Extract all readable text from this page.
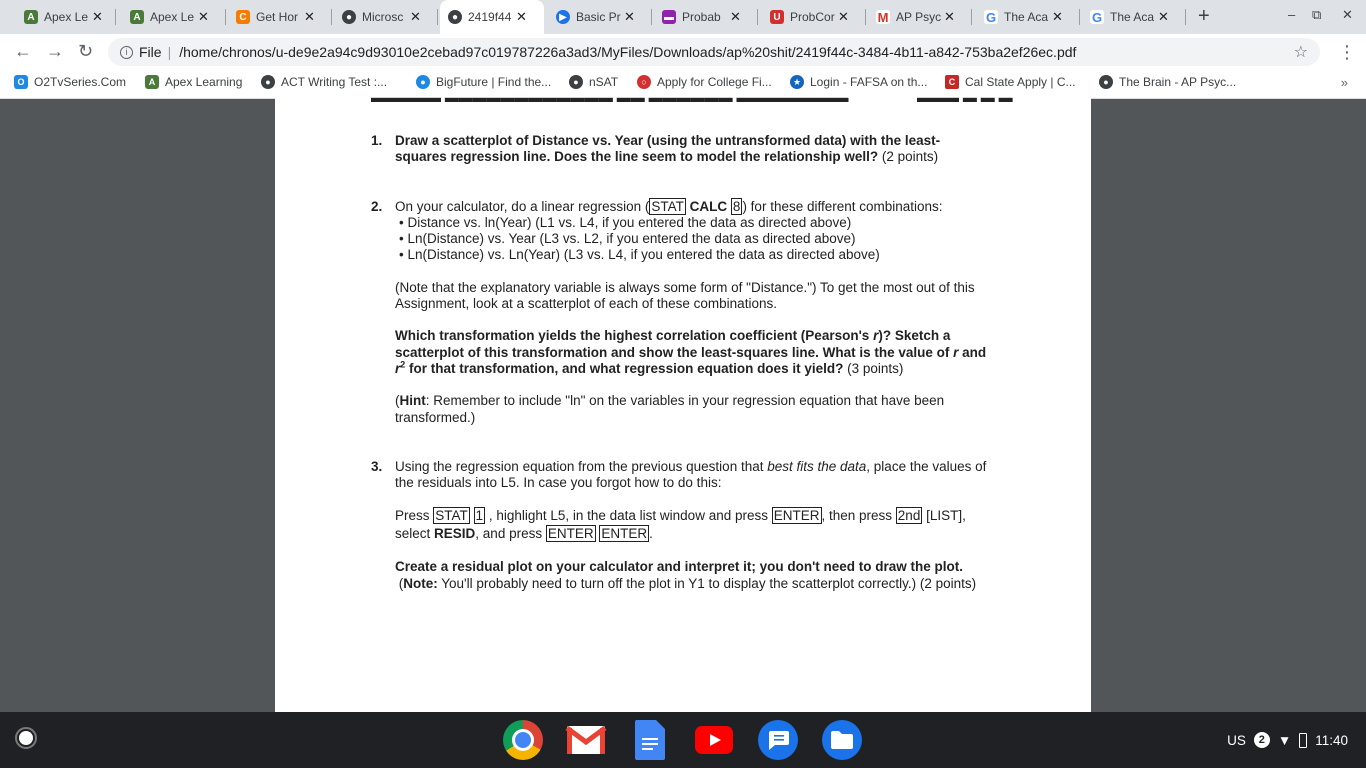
A Apex Le ✕	A Apex Le ✕	C Get Hor ✕	● Microsc ✕	● 2419f44 ✕	▶ Basic Pr ✕	▬ Probab ✕	U ProbCor ✕ M AP Psyc ✕ G The Aca ✕ G The Aca ✕ +	– ⧉ ✕
← → ↻	i File | /home/chronos/u-de9e2a94c9d93010e2cebad97c019787226a3ad3/MyFiles/Downloads/ap%20shit/2419f44c-3484-4b11-a842-753ba2ef26ec.pdf	☆ ⋮
O O2TvSeries.Com	A Apex Learning	● ACT Writing Test :...	● BigFuture | Find the...	● nSAT	○ Apply for College Fi...	★ Login - FAFSA on th...	C Cal State Apply | C...	● The Brain - AP Psyc...	»
▬▬▬▬▬ ▬▬▬▬▬▬▬▬▬▬▬▬ ▬▬ ▬▬▬▬▬▬ ▬▬▬▬▬▬▬▬	▬▬▬ ▬ ▬ ▬
1. Draw a scatterplot of Distance vs. Year (using the untransformed data) with the least-squares regression line. Does the line seem to model the relationship well? (2 points)

2. On your calculator, do a linear regression ( STAT CALC 8 ) for these different combinations:

• Distance vs. ln(Year) (L1 vs. L4, if you entered the data as directed above)
• Ln(Distance) vs. Year (L3 vs. L2, if you entered the data as directed above)
• Ln(Distance) vs. Ln(Year) (L3 vs. L4, if you entered the data as directed above)

(Note that the explanatory variable is always some form of "Distance.") To get the most out of this Assignment, look at a scatterplot of each of these combinations.

Which transformation yields the highest correlation coefficient (Pearson's r)? Sketch a scatterplot of this transformation and show the least-squares line. What is the value of r and $r^2$ for that transformation, and what regression equation does it yield? (3 points)

(Hint: Remember to include "ln" on the variables in your regression equation that have been transformed.)

3. Using the regression equation from the previous question that best fits the data, place the values of the residuals into L5. In case you forgot how to do this:

Press STAT 1 , highlight L5, in the data list window and press ENTER , then press 2nd [LIST], select RESID, and press ENTER ENTER .

Create a residual plot on your calculator and interpret it; you don't need to draw the plot.  (Note: You'll probably need to turn off the plot in Y1 to display the scatterplot correctly.) (2 points)

US	2 ▼ 11:40
